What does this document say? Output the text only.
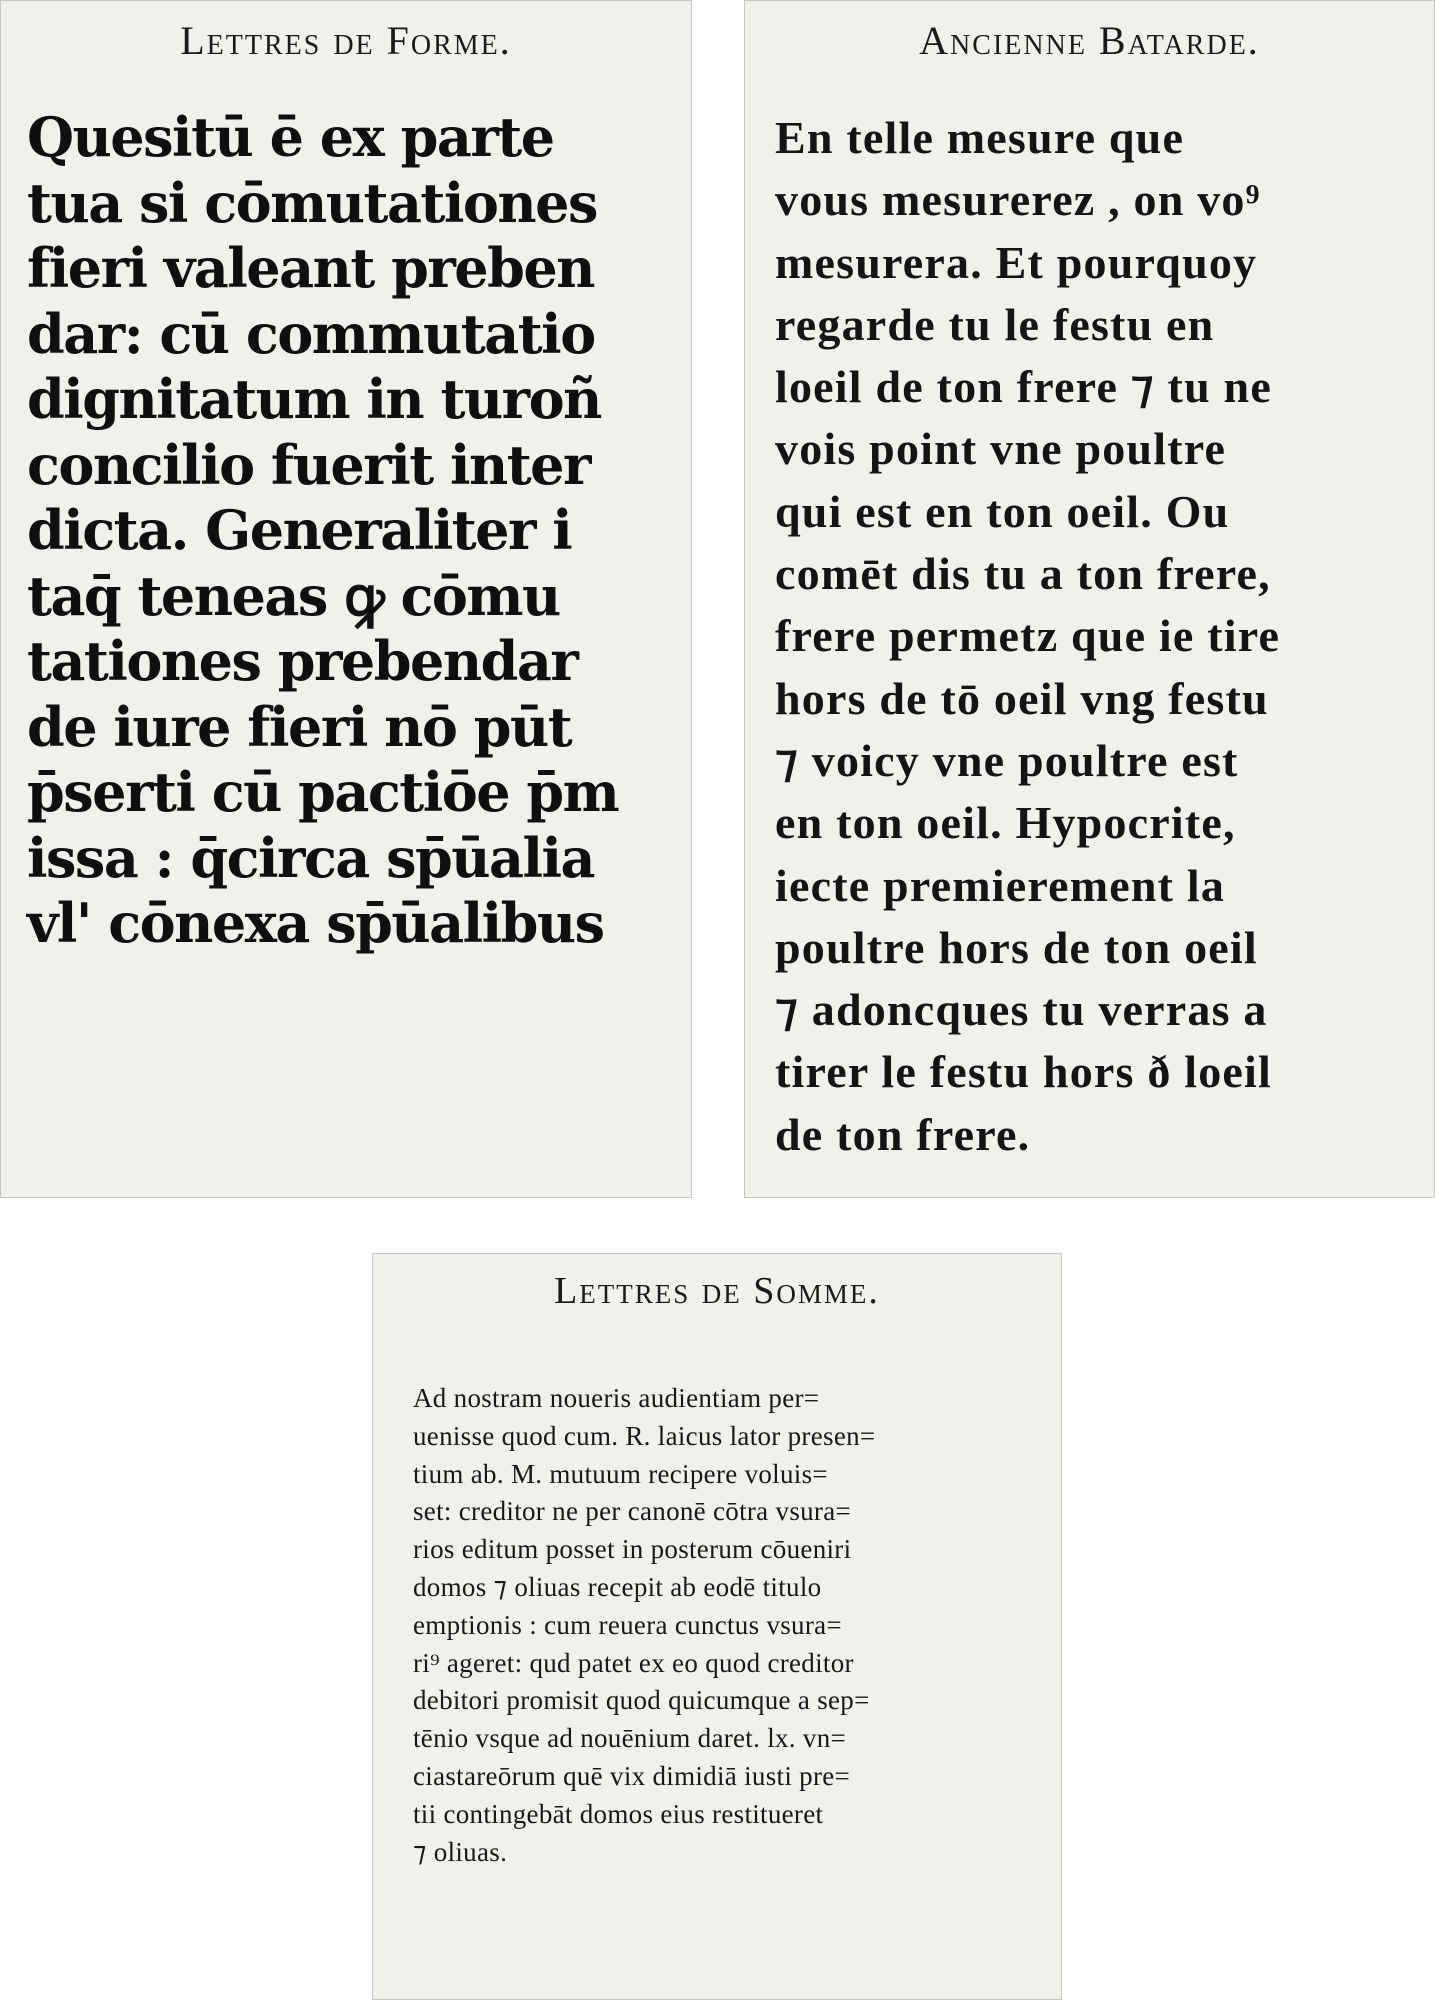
Lettres de Forme.
Quesitū ē ex parte
tua si cōmutationes
fieri valeant preben
dar: cū commutatio
dignitatum in turoñ
concilio fuerit inter
dicta. Generaliter i
taq̄ teneas ꝙ cōmu
tationes prebendar
de iure fieri nō pūt
p̄serti cū pactiōe p̄m
issa : q̄circa sp̄ūalia
vl' cōnexa sp̄ūalibus
Ancienne Batarde.
En telle mesure que
vous mesurerez , on vo⁹
mesurera. Et pourquoy
regarde tu le festu en
loeil de ton frere ⁊ tu ne
vois point vne poultre
qui est en ton oeil. Ou
comēt dis tu a ton frere,
frere permetz que ie tire
hors de tō oeil vng festu
⁊ voicy vne poultre est
en ton oeil. Hypocrite,
iecte premierement la
poultre hors de ton oeil
⁊ adoncques tu verras a
tirer le festu hors ð loeil
de ton frere.
Lettres de Somme.
Ad nostram noueris audientiam per=
uenisse quod cum. R. laicus lator presen=
tium ab. M. mutuum recipere voluis=
set: creditor ne per canonē cōtra vsura=
rios editum posset in posterum cōueniri
domos ⁊ oliuas recepit ab eodē titulo
emptionis : cum reuera cunctus vsura=
ri⁹ ageret: qud patet ex eo quod creditor
debitori promisit quod quicumque a sep=
tēnio vsque ad nouēnium daret. lx. vn=
ciastareōrum quē vix dimidiā iusti pre=
tii contingebāt domos eius restitueret
⁊ oliuas.
